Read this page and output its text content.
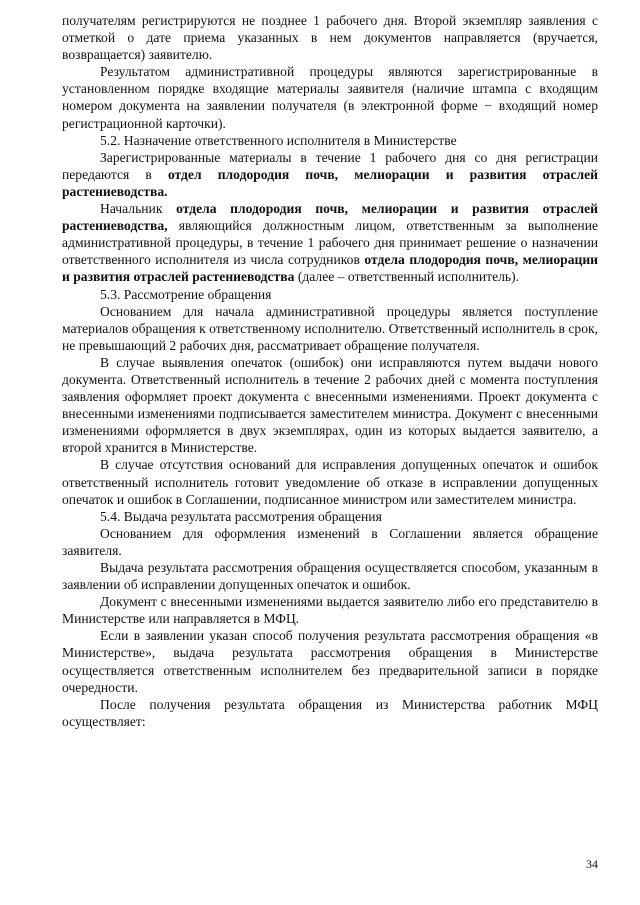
получателям регистрируются не позднее 1 рабочего дня. Второй экземпляр заявления с отметкой о дате приема указанных в нем документов направляется (вручается, возвращается) заявителю.

Результатом административной процедуры являются зарегистрированные в установленном порядке входящие материалы заявителя (наличие штампа с входящим номером документа на заявлении получателя (в электронной форме − входящий номер регистрационной карточки).

5.2. Назначение ответственного исполнителя в Министерстве

Зарегистрированные материалы в течение 1 рабочего дня со дня регистрации передаются в отдел плодородия почв, мелиорации и развития отраслей растениеводства.

Начальник отдела плодородия почв, мелиорации и развития отраслей растениеводства, являющийся должностным лицом, ответственным за выполнение административной процедуры, в течение 1 рабочего дня принимает решение о назначении ответственного исполнителя из числа сотрудников отдела плодородия почв, мелиорации и развития отраслей растениеводства (далее – ответственный исполнитель).

5.3. Рассмотрение обращения

Основанием для начала административной процедуры является поступление материалов обращения к ответственному исполнителю. Ответственный исполнитель в срок, не превышающий 2 рабочих дня, рассматривает обращение получателя.

В случае выявления опечаток (ошибок) они исправляются путем выдачи нового документа. Ответственный исполнитель в течение 2 рабочих дней с момента поступления заявления оформляет проект документа с внесенными изменениями. Проект документа с внесенными изменениями подписывается заместителем министра. Документ с внесенными изменениями оформляется в двух экземплярах, один из которых выдается заявителю, а второй хранится в Министерстве.

В случае отсутствия оснований для исправления допущенных опечаток и ошибок ответственный исполнитель готовит уведомление об отказе в исправлении допущенных опечаток и ошибок в Соглашении, подписанное министром или заместителем министра.

5.4. Выдача результата рассмотрения обращения

Основанием для оформления изменений в Соглашении является обращение заявителя.

Выдача результата рассмотрения обращения осуществляется способом, указанным в заявлении об исправлении допущенных опечаток и ошибок.

Документ с внесенными изменениями выдается заявителю либо его представителю в Министерстве или направляется в МФЦ.

Если в заявлении указан способ получения результата рассмотрения обращения «в Министерстве», выдача результата рассмотрения обращения в Министерстве осуществляется ответственным исполнителем без предварительной записи в порядке очередности.

После получения результата обращения из Министерства работник МФЦ осуществляет:

34
